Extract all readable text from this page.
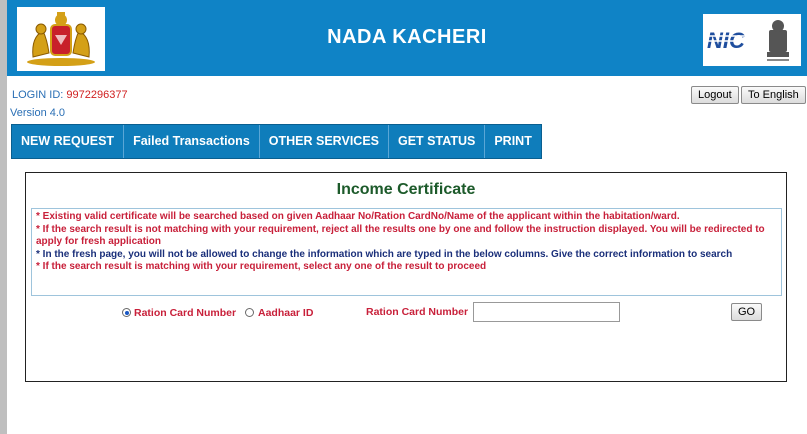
NADA KACHERI	NIC
LOGIN ID: 9972296377
Version 4.0
Logout	To English
NEW REQUEST	Failed Transactions	OTHER SERVICES	GET STATUS	PRINT
Income Certificate
* Existing valid certificate will be searched based on given Aadhaar No/Ration CardNo/Name of the applicant within the habitation/ward.
* If the search result is not matching with your requirement, reject all the results one by one and follow the instruction displayed. You will be redirected to apply for fresh application
* In the fresh page, you will not be allowed to change the information which are typed in the below columns. Give the correct information to search
* If the search result is matching with your requirement, select any one of the result to proceed
Ration Card Number Aadhaar ID	Ration Card Number	GO
